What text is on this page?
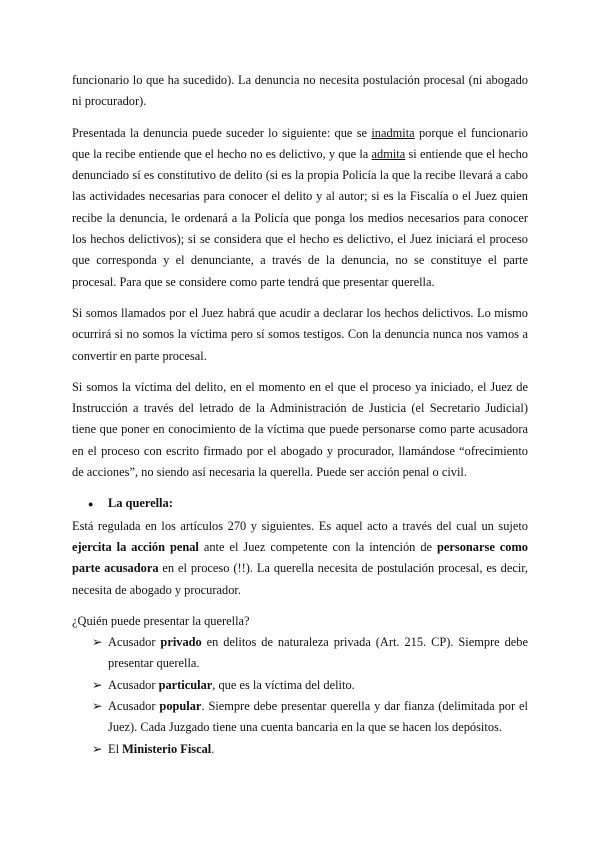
funcionario lo que ha sucedido). La denuncia no necesita postulación procesal (ni abogado ni procurador).

Presentada la denuncia puede suceder lo siguiente: que se inadmita porque el funcionario que la recibe entiende que el hecho no es delictivo, y que la admita si entiende que el hecho denunciado sí es constitutivo de delito (si es la propia Policía la que la recibe llevará a cabo las actividades necesarias para conocer el delito y al autor; si es la Fiscalía o el Juez quien recibe la denuncia, le ordenará a la Policía que ponga los medios necesarios para conocer los hechos delictivos); si se considera que el hecho es delictivo, el Juez iniciará el proceso que corresponda y el denunciante, a través de la denuncia, no se constituye el parte procesal. Para que se considere como parte tendrá que presentar querella.

Si somos llamados por el Juez habrá que acudir a declarar los hechos delictivos. Lo mismo ocurrirá si no somos la víctima pero sí somos testigos. Con la denuncia nunca nos vamos a convertir en parte procesal.

Si somos la víctima del delito, en el momento en el que el proceso ya iniciado, el Juez de Instrucción a través del letrado de la Administración de Justicia (el Secretario Judicial) tiene que poner en conocimiento de la víctima que puede personarse como parte acusadora en el proceso con escrito firmado por el abogado y procurador, llamándose “ofrecimiento de acciones”, no siendo así necesaria la querella. Puede ser acción penal o civil.

●	La querella:

Está regulada en los artículos 270 y siguientes. Es aquel acto a través del cual un sujeto ejercita la acción penal ante el Juez competente con la intención de personarse como parte acusadora en el proceso (!!). La querella necesita de postulación procesal, es decir, necesita de abogado y procurador.

¿Quién puede presentar la querella?

➢ Acusador privado en delitos de naturaleza privada (Art. 215. CP). Siempre debe presentar querella.
➢ Acusador particular, que es la víctima del delito.
➢ Acusador popular. Siempre debe presentar querella y dar fianza (delimitada por el Juez). Cada Juzgado tiene una cuenta bancaria en la que se hacen los depósitos.
➢ El Ministerio Fiscal.
